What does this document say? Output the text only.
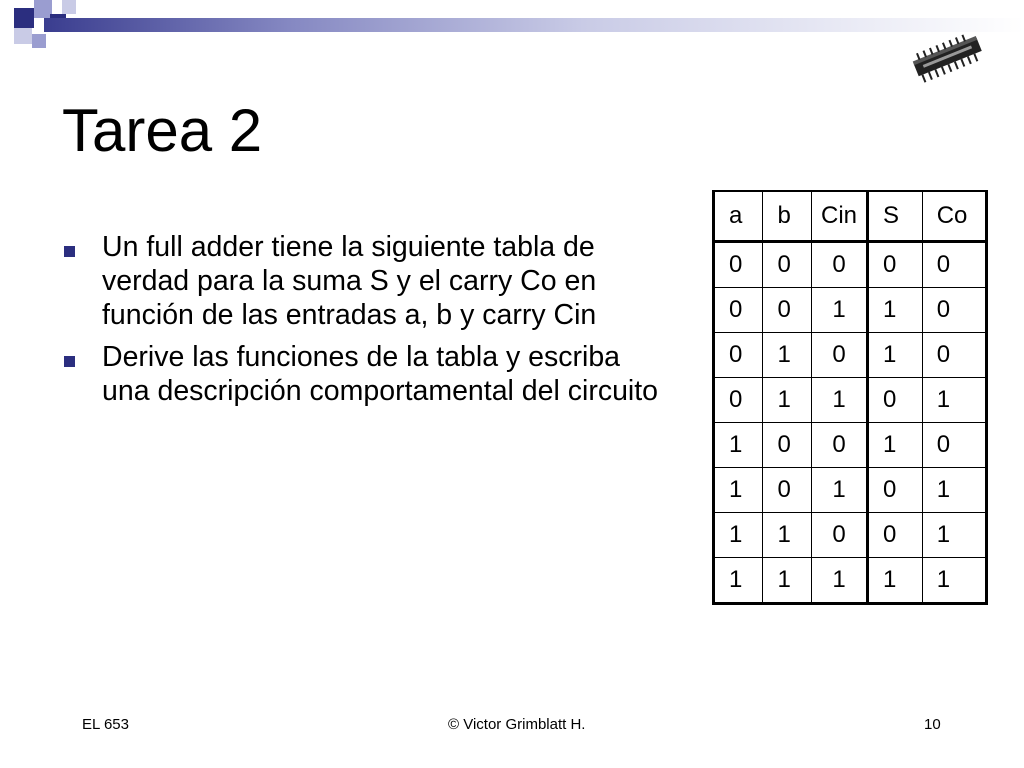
Tarea 2
Un full adder tiene la siguiente tabla de verdad para la suma S y el carry Co en función de las entradas a, b y carry Cin
Derive las funciones de la tabla y escriba una descripción comportamental del circuito
a	b	Cin	S	Co
0	0	0	0	0
0	0	1	1	0
0	1	0	1	0
0	1	1	0	1
1	0	0	1	0
1	0	1	0	1
1	1	0	0	1
1	1	1	1	1
EL 653	© Victor Grimblatt H.	10
